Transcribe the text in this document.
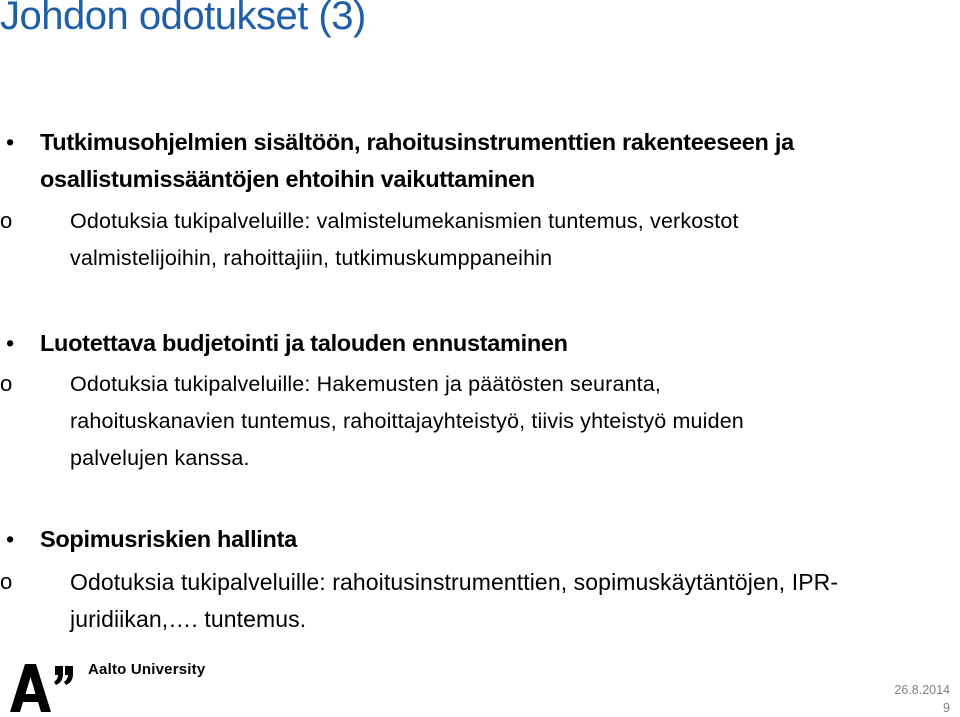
Johdon odotukset (3)
• Tutkimusohjelmien sisältöön, rahoitusinstrumenttien rakenteeseen ja
osallistumissääntöjen ehtoihin vaikuttaminen
o	Odotuksia tukipalveluille: valmistelumekanismien tuntemus, verkostot
valmistelijoihin, rahoittajiin, tutkimuskumppaneihin
• Luotettava budjetointi ja talouden ennustaminen
o	Odotuksia tukipalveluille: Hakemusten ja päätösten seuranta,
rahoituskanavien tuntemus, rahoittajayhteistyö, tiivis yhteistyö muiden
palvelujen kanssa.
• Sopimusriskien hallinta
o	Odotuksia tukipalveluille: rahoitusinstrumenttien, sopimuskäytäntöjen, IPR-
juridiikan,…. tuntemus.
Aalto University
26.8.2014
9
